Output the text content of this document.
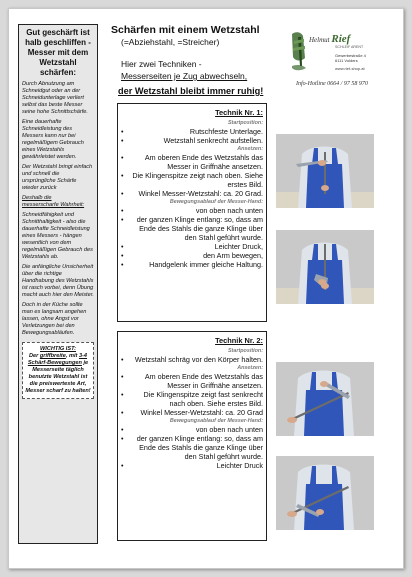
Gut geschärft ist halb geschliffen - Messer mit dem Wetzstahl schärfen:
Durch Abnutzung am Schneidgut oder an der Schneidunterlage verliert selbst das beste Messer seine hohe Schnittschärfe.
Eine dauerhafte Schneidleistung des Messers kann nur bei regelmäßigem Gebrauch eines Wetzstahls gewährleistet werden.
Der Wetzstahl bringt einfach und schnell die ursprüngliche Schärfe wieder zurück
Deshalb die
messerscharfe Wahrheit:
Schneidfähigkeit und Schnitthaltigkeit - also die dauerhafte Schneidleistung eines Messers - hängen wesentlich von dem regelmäßigen Gebrauch des Wetzstahls ab.
Die anfängliche Unsicherheit über die richtige Handhabung des Wetzstahls ist rasch vorbei, denn Übung macht auch hier den Meister.
Doch in der Küche sollte man es langsam angehen lassen, ohne Angst vor Verletzungen bei den Bewegungsabläufen.
WICHTIG IST:
Der griffbreite, mit 3-4 Schärf-Bewegungen je Messerseite täglich benutzte Wetzstahl ist die preiswerteste Art, Messer scharf zu halten!
Schärfen mit einem Wetzstahl
(=Abziehstahl, =Streicher)
Hier zwei Techniken -
Messerseiten je Zug abwechseln,
der Wetzstahl bleibt immer ruhig!
Helmut Rief
SCHLEIF ARENT
Gewerbestraße 4
6111 Volders
www.rief-shop.at
Info-Hotline 0664 / 97 58 970
Technik Nr. 1:
Startposition:
•	Rutschfeste Unterlage.
•	Wetzstahl senkrecht aufstellen.
Ansetzen:
•	Am oberen Ende des Wetzstahls das Messer in Griffnähe ansetzen.
•	Die Klingenspitze zeigt nach oben. Siehe erstes Bild.
•	Winkel Messer-Wetzstahl: ca. 20 Grad.
Bewegungsablauf der Messer-Hand:
•	von oben nach unten
•	der ganzen Klinge entlang: so, dass am Ende des Stahls die ganze Klinge über den Stahl geführt wurde.
•	Leichter Druck,
•	den Arm bewegen,
•	Handgelenk immer gleiche Haltung.
Technik Nr. 2:
Startposition:
•	Wetzstahl schräg vor den Körper halten.
Ansetzen:
•	Am oberen Ende des Wetzstahls das Messer in Griffnähe ansetzen.
•	Die Klingenspitze zeigt fast senkrecht nach oben. Siehe erstes Bild.
•	Winkel Messer-Wetzstahl: ca. 20 Grad
Bewegungsablauf der Messer-Hand:
•	von oben nach unten
•	der ganzen Klinge entlang: so, dass am Ende des Stahls die ganze Klinge über den Stahl geführt wurde.
•	Leichter Druck
